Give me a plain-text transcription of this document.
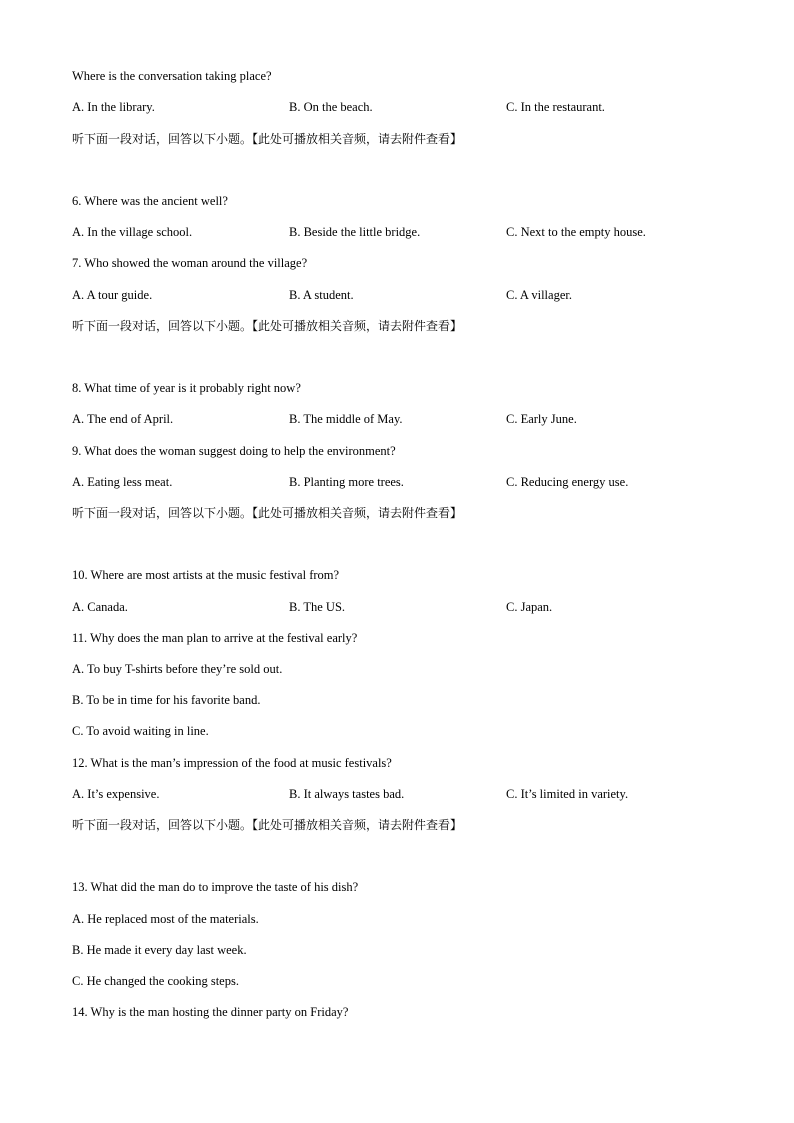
Where is the conversation taking place?
A. In the library.	B. On the beach.	C. In the restaurant.
听下面一段对话，回答以下小题。【此处可播放相关音频，请去附件查看】
6. Where was the ancient well?
A. In the village school.	B. Beside the little bridge.	C. Next to the empty house.
7. Who showed the woman around the village?
A. A tour guide.	B. A student.	C. A villager.
听下面一段对话，回答以下小题。【此处可播放相关音频，请去附件查看】
8. What time of year is it probably right now?
A. The end of April.	B. The middle of May.	C. Early June.
9. What does the woman suggest doing to help the environment?
A. Eating less meat.	B. Planting more trees.	C. Reducing energy use.
听下面一段对话，回答以下小题。【此处可播放相关音频，请去附件查看】
10. Where are most artists at the music festival from?
A. Canada.	B. The US.	C. Japan.
11. Why does the man plan to arrive at the festival early?
A. To buy T-shirts before they’re sold out.
B. To be in time for his favorite band.
C. To avoid waiting in line.
12. What is the man’s impression of the food at music festivals?
A. It’s expensive.	B. It always tastes bad.	C. It’s limited in variety.
听下面一段对话，回答以下小题。【此处可播放相关音频，请去附件查看】
13. What did the man do to improve the taste of his dish?
A. He replaced most of the materials.
B. He made it every day last week.
C. He changed the cooking steps.
14. Why is the man hosting the dinner party on Friday?
